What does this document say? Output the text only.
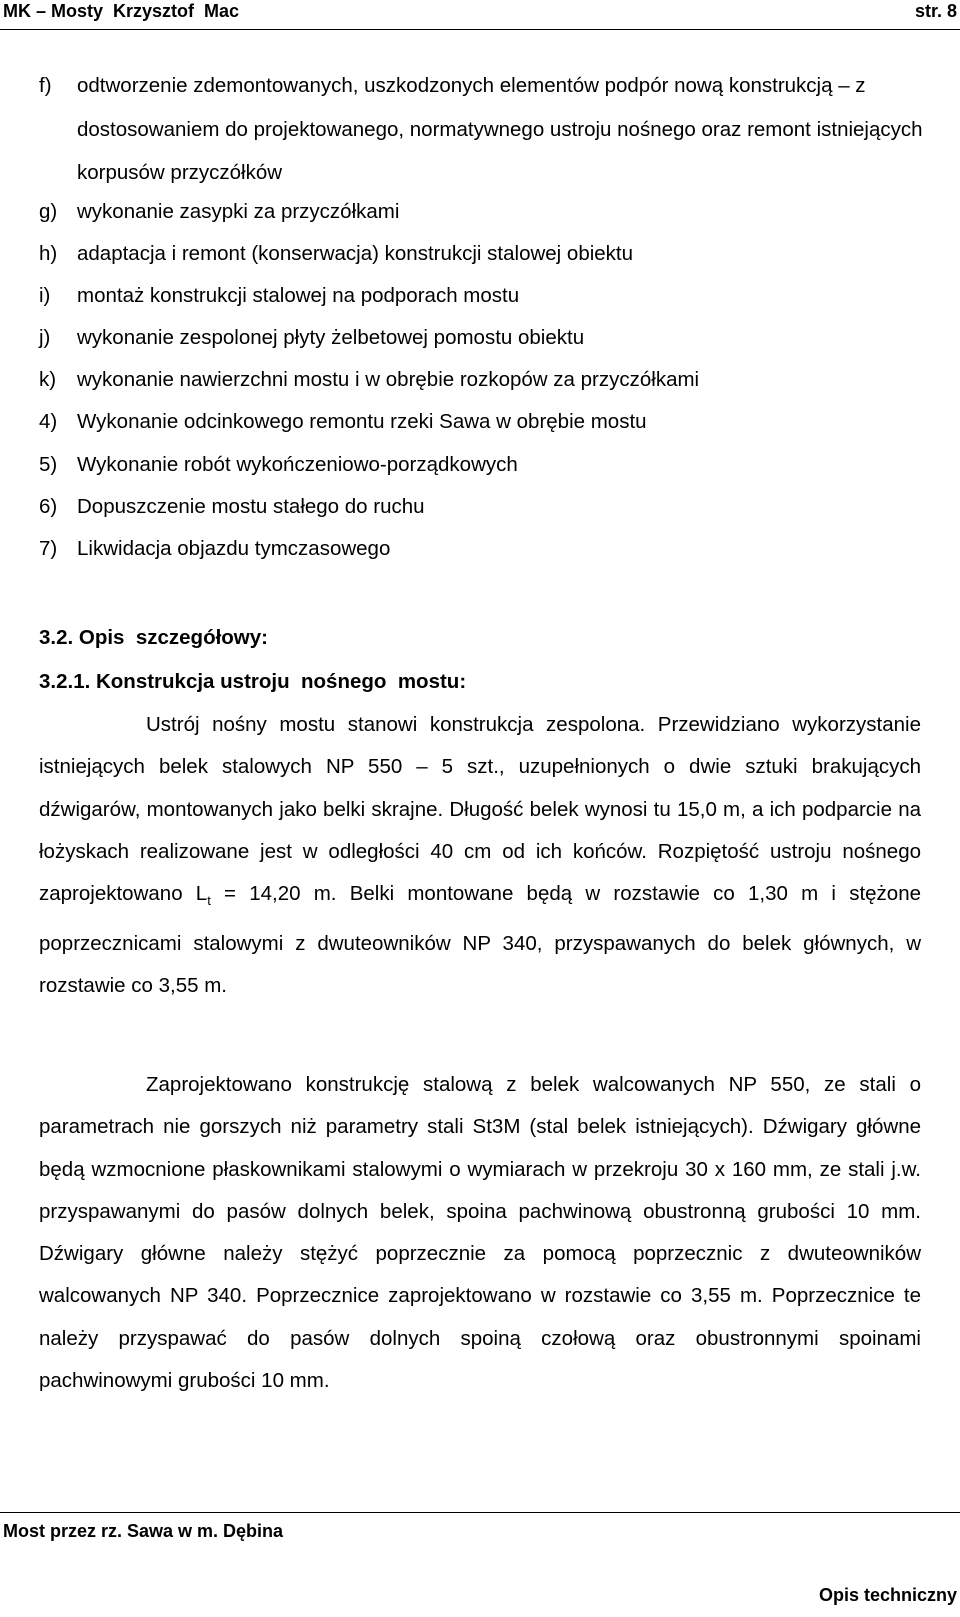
MK – Mosty  Krzysztof  Mac	str. 8
f) odtworzenie zdemontowanych, uszkodzonych elementów podpór nową konstrukcją – z dostosowaniem do projektowanego, normatywnego ustroju nośnego oraz remont istniejących korpusów przyczółków
g) wykonanie zasypki za przyczółkami
h) adaptacja i remont (konserwacja) konstrukcji stalowej obiektu
i) montaż konstrukcji stalowej na podporach mostu
j) wykonanie zespolonej płyty żelbetowej pomostu obiektu
k) wykonanie nawierzchni mostu i w obrębie rozkopów za przyczółkami
4) Wykonanie odcinkowego remontu rzeki Sawa w obrębie mostu
5) Wykonanie robót wykończeniowo-porządkowych
6) Dopuszczenie mostu stałego do ruchu
7) Likwidacja objazdu tymczasowego
3.2. Opis  szczegółowy:
3.2.1. Konstrukcja ustroju  nośnego  mostu:
Ustrój nośny mostu stanowi konstrukcja zespolona. Przewidziano wykorzystanie istniejących belek stalowych NP 550 – 5 szt., uzupełnionych o dwie sztuki brakujących dźwigarów, montowanych jako belki skrajne. Długość belek wynosi tu 15,0 m, a ich podparcie na łożyskach realizowane jest w odległości 40 cm od ich końców. Rozpiętość ustroju nośnego zaprojektowano $L_t = 14,20$ m. Belki montowane będą w rozstawie co 1,30 m i stężone poprzecznicami stalowymi z dwuteowników NP 340, przyspawanych do belek głównych, w rozstawie co 3,55 m.
Zaprojektowano konstrukcję stalową z belek walcowanych NP 550, ze stali o parametrach nie gorszych niż parametry stali St3M (stal belek istniejących). Dźwigary główne będą wzmocnione płaskownikami stalowymi o wymiarach w przekroju 30 x 160 mm, ze stali j.w. przyspawanymi do pasów dolnych belek, spoina pachwinową obustronną grubości 10 mm. Dźwigary główne należy stężyć poprzecznie za pomocą poprzecznic z dwuteowników walcowanych NP 340. Poprzecznice zaprojektowano w rozstawie co 3,55 m. Poprzecznice te należy przyspawać do pasów dolnych spoiną czołową oraz obustronnymi spoinami pachwinowymi grubości 10 mm.
Most przez rz. Sawa w m. Dębina
Opis techniczny
